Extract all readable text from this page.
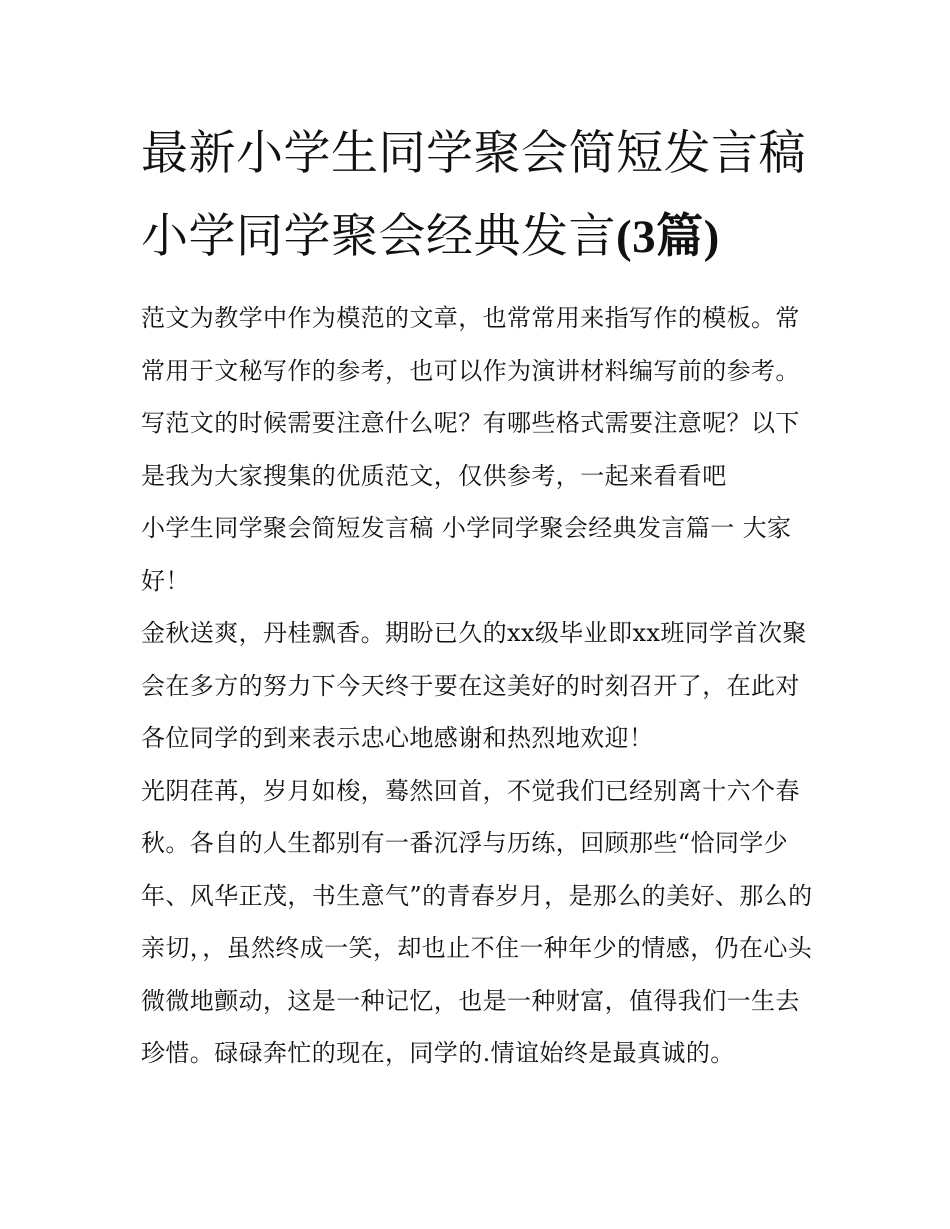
最新小学生同学聚会简短发言稿 小学同学聚会经典发言(3篇)

范文为教学中作为模范的文章，也常常用来指写作的模板。常常用于文秘写作的参考，也可以作为演讲材料编写前的参考。写范文的时候需要注意什么呢？有哪些格式需要注意呢？以下是我为大家搜集的优质范文，仅供参考，一起来看看吧

小学生同学聚会简短发言稿 小学同学聚会经典发言篇一 大家好！

金秋送爽，丹桂飘香。期盼已久的xx级毕业即xx班同学首次聚会在多方的努力下今天终于要在这美好的时刻召开了，在此对各位同学的到来表示忠心地感谢和热烈地欢迎！

光阴荏苒，岁月如梭，蓦然回首，不觉我们已经别离十六个春秋。各自的人生都别有一番沉浮与历练，回顾那些“恰同学少年、风华正茂，书生意气”的青春岁月，是那么的美好、那么的亲切，，虽然终成一笑，却也止不住一种年少的情感，仍在心头微微地颤动，这是一种记忆，也是一种财富，值得我们一生去珍惜。碌碌奔忙的现在，同学的.情谊始终是最真诚的。
